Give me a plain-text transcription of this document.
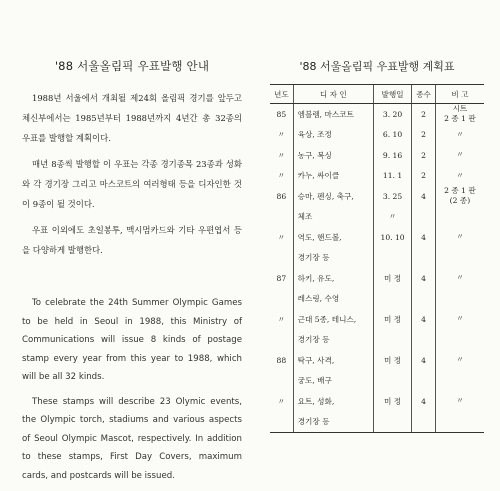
'88 서울올림픽 우표발행 안내

1988년 서울에서 개최될 제24회 올림픽 경기를 앞두고 체신부에서는 1985년부터 1988년까지 4년간 총 32종의 우표를 발행할 계획이다.

매년 8종씩 발행할 이 우표는 각종 경기종목 23종과 성화와 각 경기장 그리고 마스코트의 여러형태 등을 디자인한 것이 9종이 될 것이다.

우표 이외에도 초일봉투, 맥시멈카드와 기타 우편엽서 등을 다양하게 발행한다.

To celebrate the 24th Summer Olympic Games to be held in Seoul in 1988, this Ministry of Communications will issue 8 kinds of postage stamp every year from this year to 1988, which will be all 32 kinds.

These stamps will describe 23 Olymic events, the Olympic torch, stadiums and various aspects of Seoul Olympic Mascot, respectively. In addition to these stamps, First Day Covers, maximum cards, and postcards will be issued.

'88 서울올림픽 우표발행 계획표
년도	디 자 인	발행일	종수	비 고
85	엠블렘, 마스코트	3. 20	2	시트
2 종 1 판
〃	육상, 조정	6. 10	2	〃
〃	농구, 복싱	9. 16	2	〃
〃	카누, 싸이클	11. 1	2	〃
86	승마, 펜싱, 축구,	3. 25	4	2 종 1 판
(2 종)
	체조	〃		
〃	역도, 핸드볼,	10. 10	4	〃
	경기장 등			
87	하키, 유도,	미 정	4	〃
	레스링, 수영			
〃	근대 5종, 테니스,	미 정	4	〃
	경기장 등			
88	탁구, 사격,	미 정	4	〃
	궁도, 배구			
〃	요트, 성화,	미 정	4	〃
	경기장 등			
